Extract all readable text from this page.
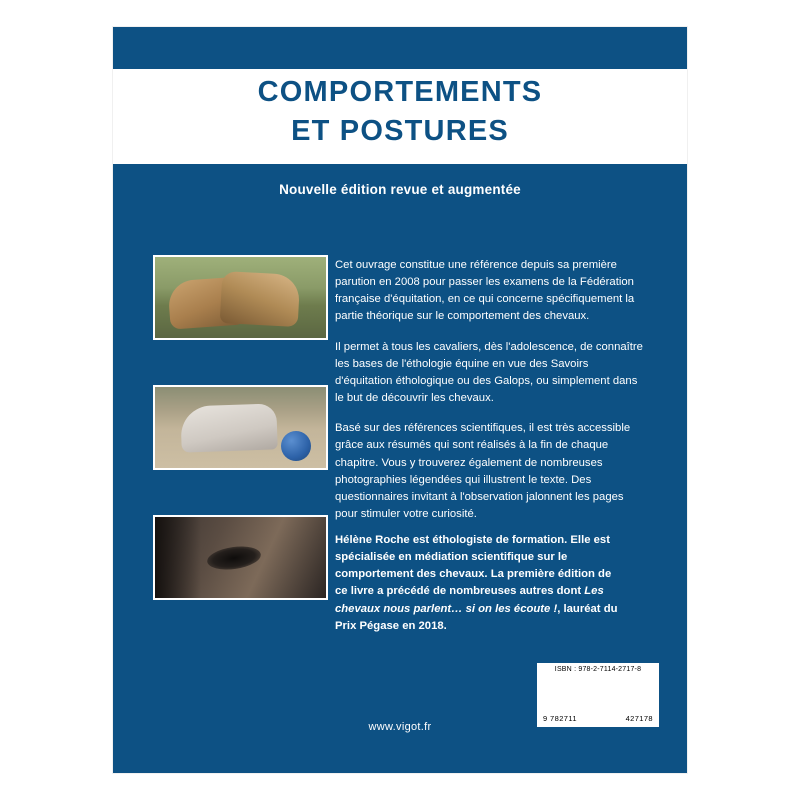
COMPORTEMENTS
ET POSTURES
Nouvelle édition revue et augmentée
Cet ouvrage constitue une référence depuis sa première parution en 2008 pour passer les examens de la Fédération française d'équitation, en ce qui concerne spécifiquement la partie théorique sur le comportement des chevaux.
Il permet à tous les cavaliers, dès l'adolescence, de connaître les bases de l'éthologie équine en vue des Savoirs d'équitation éthologique ou des Galops, ou simplement dans le but de découvrir les chevaux.
Basé sur des références scientifiques, il est très accessible grâce aux résumés qui sont réalisés à la fin de chaque chapitre. Vous y trouverez également de nombreuses photographies légendées qui illustrent le texte. Des questionnaires invitant à l'observation jalonnent les pages pour stimuler votre curiosité.
Hélène Roche est éthologiste de formation. Elle est spécialisée en médiation scientifique sur le comportement des chevaux. La première édition de ce livre a précédé de nombreuses autres dont Les chevaux nous parlent… si on les écoute !, lauréat du Prix Pégase en 2018.
ISBN : 978-2-7114-2717-8
9 782711	427178
www.vigot.fr
